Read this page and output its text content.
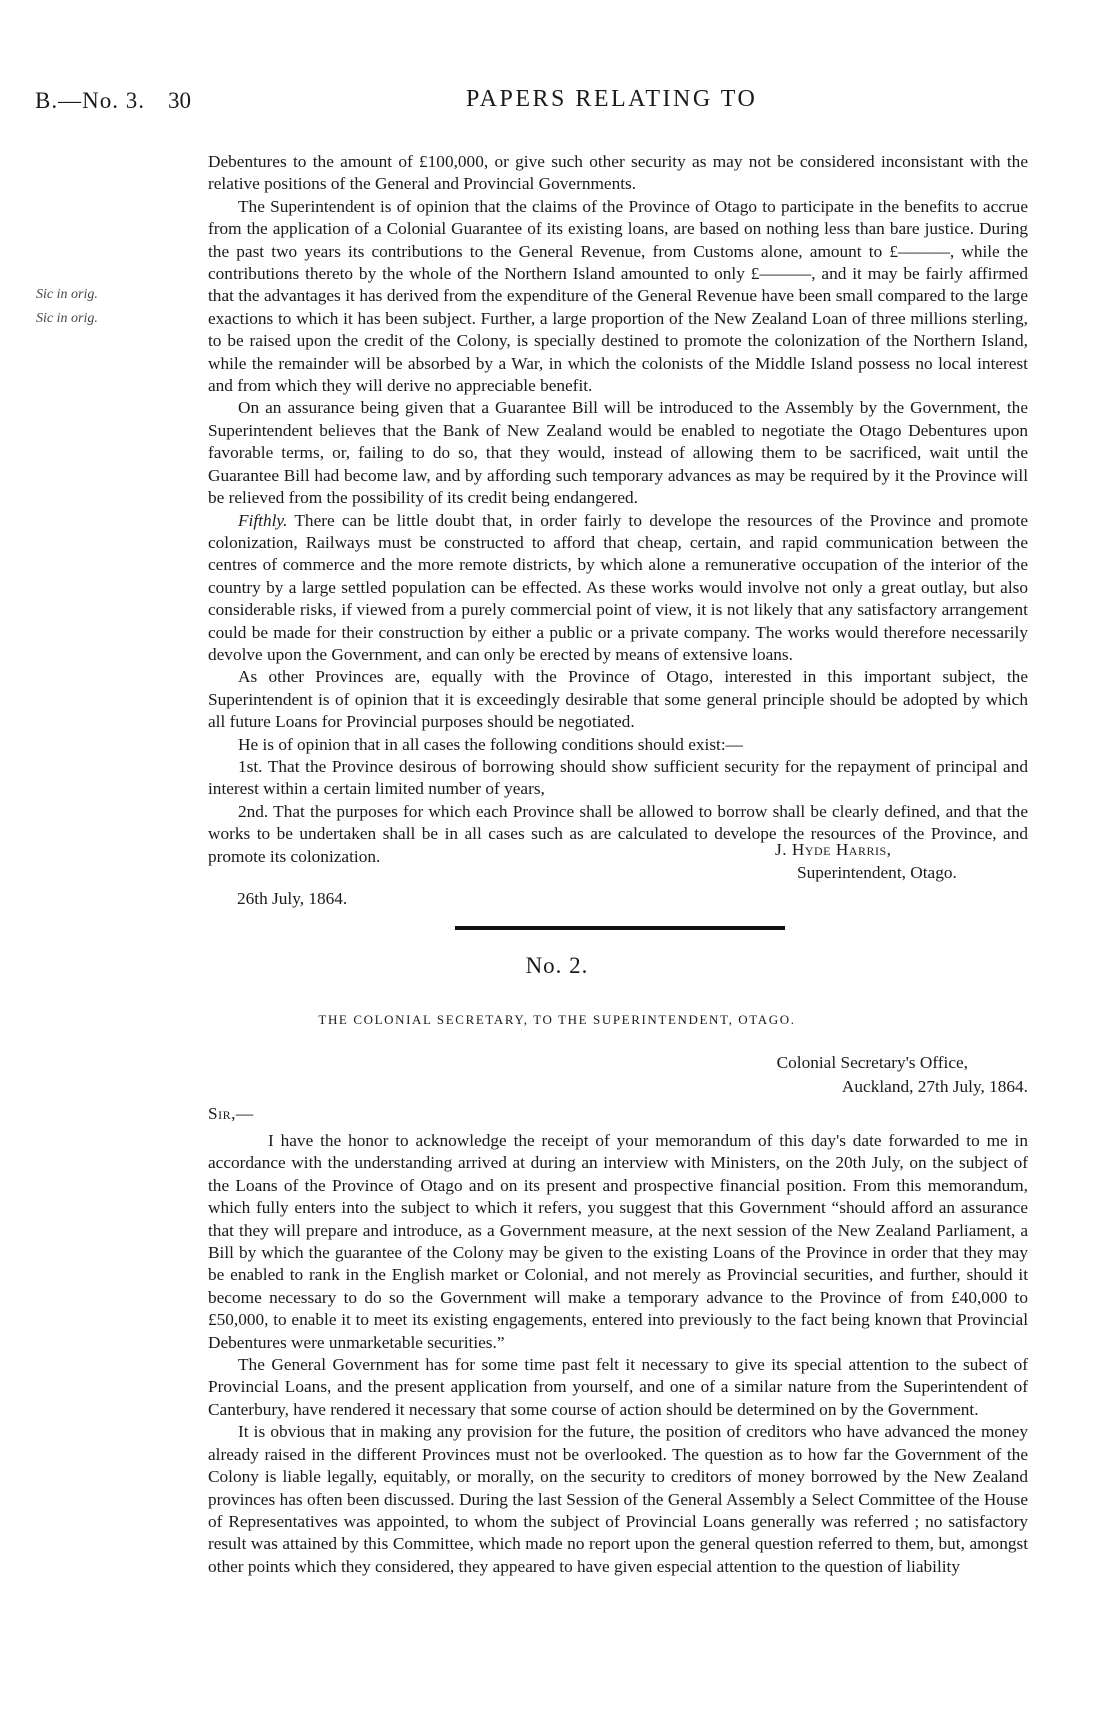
B.—No. 3. 30	PAPERS RELATING TO
Sic in orig.
Sic in orig.

Debentures to the amount of £100,000, or give such other security as may not be considered inconsistant with the relative positions of the General and Provincial Governments.

The Superintendent is of opinion that the claims of the Province of Otago to participate in the benefits to accrue from the application of a Colonial Guarantee of its existing loans, are based on nothing less than bare justice. During the past two years its contributions to the General Revenue, from Customs alone, amount to £———, while the contributions thereto by the whole of the Northern Island amounted to only £———, and it may be fairly affirmed that the advantages it has derived from the expenditure of the General Revenue have been small compared to the large exactions to which it has been subject. Further, a large proportion of the New Zealand Loan of three millions sterling, to be raised upon the credit of the Colony, is specially destined to promote the colonization of the Northern Island, while the remainder will be absorbed by a War, in which the colonists of the Middle Island possess no local interest and from which they will derive no appreciable benefit.

On an assurance being given that a Guarantee Bill will be introduced to the Assembly by the Government, the Superintendent believes that the Bank of New Zealand would be enabled to negotiate the Otago Debentures upon favorable terms, or, failing to do so, that they would, instead of allowing them to be sacrificed, wait until the Guarantee Bill had become law, and by affording such temporary advances as may be required by it the Province will be relieved from the possibility of its credit being endangered.

Fifthly. There can be little doubt that, in order fairly to develope the resources of the Province and promote colonization, Railways must be constructed to afford that cheap, certain, and rapid communication between the centres of commerce and the more remote districts, by which alone a remunerative occupation of the interior of the country by a large settled population can be effected. As these works would involve not only a great outlay, but also considerable risks, if viewed from a purely commercial point of view, it is not likely that any satisfactory arrangement could be made for their construction by either a public or a private company. The works would therefore necessarily devolve upon the Government, and can only be erected by means of extensive loans.

As other Provinces are, equally with the Province of Otago, interested in this important subject, the Superintendent is of opinion that it is exceedingly desirable that some general principle should be adopted by which all future Loans for Provincial purposes should be negotiated.

He is of opinion that in all cases the following conditions should exist:—

1st. That the Province desirous of borrowing should show sufficient security for the repayment of principal and interest within a certain limited number of years,

2nd. That the purposes for which each Province shall be allowed to borrow shall be clearly defined, and that the works to be undertaken shall be in all cases such as are calculated to develope the resources of the Province, and promote its colonization.	J. Hyde Harris,
Superintendent, Otago.
26th July, 1864.
No. 2.
THE COLONIAL SECRETARY, TO THE SUPERINTENDENT, OTAGO.
Colonial Secretary's Office,
Auckland, 27th July, 1864.
Sir,—

I have the honor to acknowledge the receipt of your memorandum of this day's date forwarded to me in accordance with the understanding arrived at during an interview with Ministers, on the 20th July, on the subject of the Loans of the Province of Otago and on its present and prospective financial position. From this memorandum, which fully enters into the subject to which it refers, you suggest that this Government “should afford an assurance that they will prepare and introduce, as a Government measure, at the next session of the New Zealand Parliament, a Bill by which the guarantee of the Colony may be given to the existing Loans of the Province in order that they may be enabled to rank in the English market or Colonial, and not merely as Provincial securities, and further, should it become necessary to do so the Government will make a temporary advance to the Province of from £40,000 to £50,000, to enable it to meet its existing engagements, entered into previously to the fact being known that Provincial Debentures were unmarketable securities.”

The General Government has for some time past felt it necessary to give its special attention to the subect of Provincial Loans, and the present application from yourself, and one of a similar nature from the Superintendent of Canterbury, have rendered it necessary that some course of action should be determined on by the Government.

It is obvious that in making any provision for the future, the position of creditors who have advanced the money already raised in the different Provinces must not be overlooked. The question as to how far the Government of the Colony is liable legally, equitably, or morally, on the security to creditors of money borrowed by the New Zealand provinces has often been discussed. During the last Session of the General Assembly a Select Committee of the House of Representatives was appointed, to whom the subject of Provincial Loans generally was referred ; no satisfactory result was attained by this Committee, which made no report upon the general question referred to them, but, amongst other points which they considered, they appeared to have given especial attention to the question of liability
